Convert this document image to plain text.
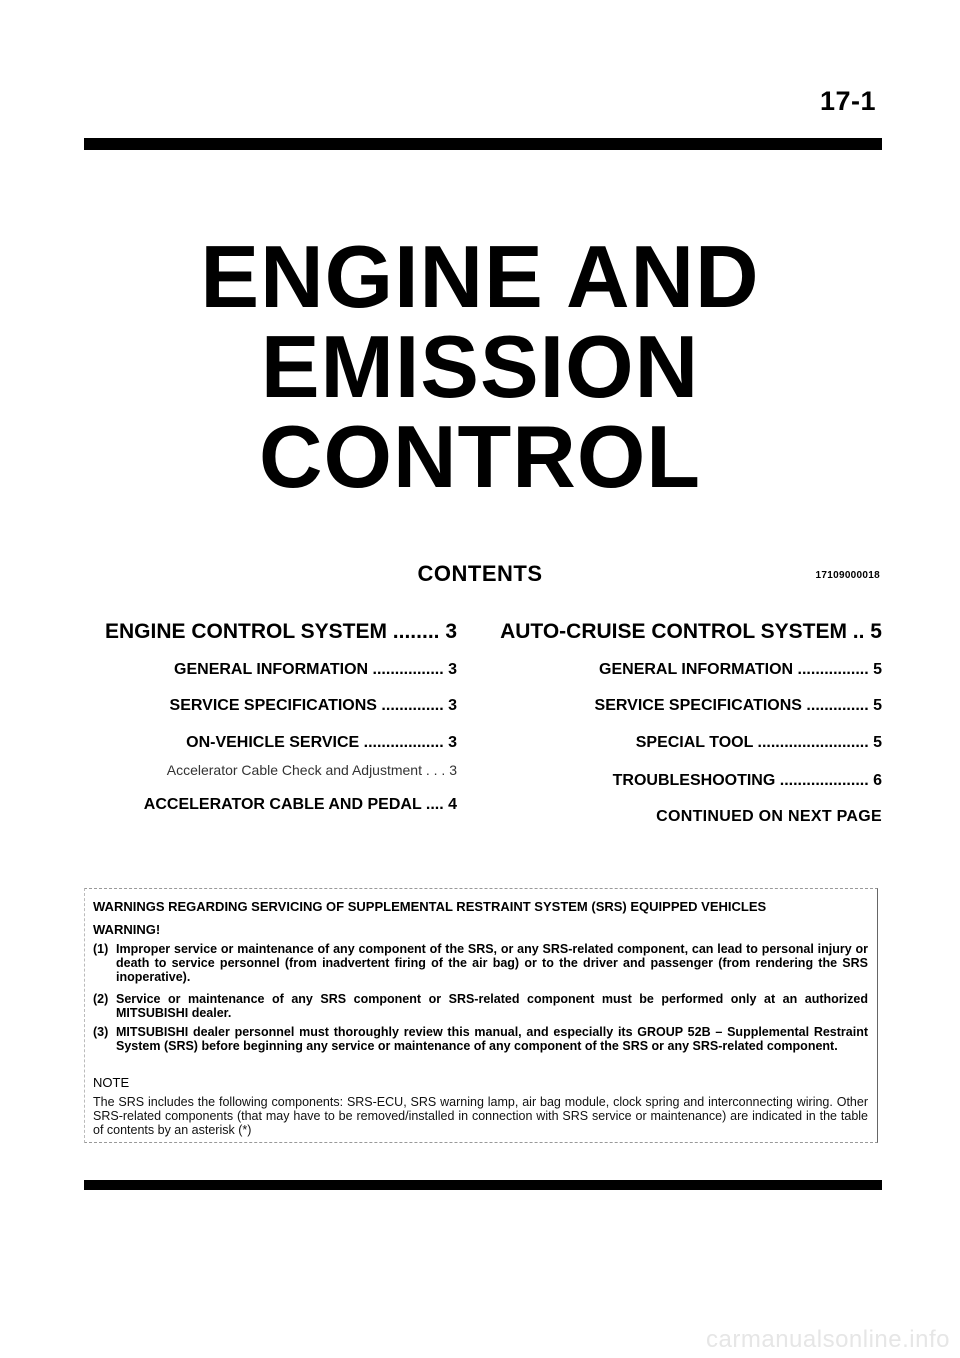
17-1
ENGINE AND
EMISSION
CONTROL
CONTENTS	17109000018
ENGINE CONTROL SYSTEM ........ 3
GENERAL INFORMATION ................ 3
SERVICE SPECIFICATIONS .............. 3
ON-VEHICLE SERVICE .................. 3
Accelerator Cable Check and Adjustment . . . 3
ACCELERATOR CABLE AND PEDAL .... 4
AUTO-CRUISE CONTROL SYSTEM .. 5
GENERAL INFORMATION ................ 5
SERVICE SPECIFICATIONS .............. 5
SPECIAL TOOL ......................... 5
TROUBLESHOOTING .................... 6
CONTINUED ON NEXT PAGE
WARNINGS REGARDING SERVICING OF SUPPLEMENTAL RESTRAINT SYSTEM (SRS) EQUIPPED VEHICLES
WARNING!
(1) Improper service or maintenance of any component of the SRS, or any SRS-related component, can lead to personal injury or death to service personnel (from inadvertent firing of the air bag) or to the driver and passenger (from rendering the SRS inoperative).
(2) Service or maintenance of any SRS component or SRS-related component must be performed only at an authorized MITSUBISHI dealer.
(3) MITSUBISHI dealer personnel must thoroughly review this manual, and especially its GROUP 52B – Supplemental Restraint System (SRS) before beginning any service or maintenance of any component of the SRS or any SRS-related component.
NOTE
The SRS includes the following components: SRS-ECU, SRS warning lamp, air bag module, clock spring and interconnecting wiring. Other SRS-related components (that may have to be removed/installed in connection with SRS service or maintenance) are indicated in the table of contents by an asterisk (*)
carmanualsonline.info
